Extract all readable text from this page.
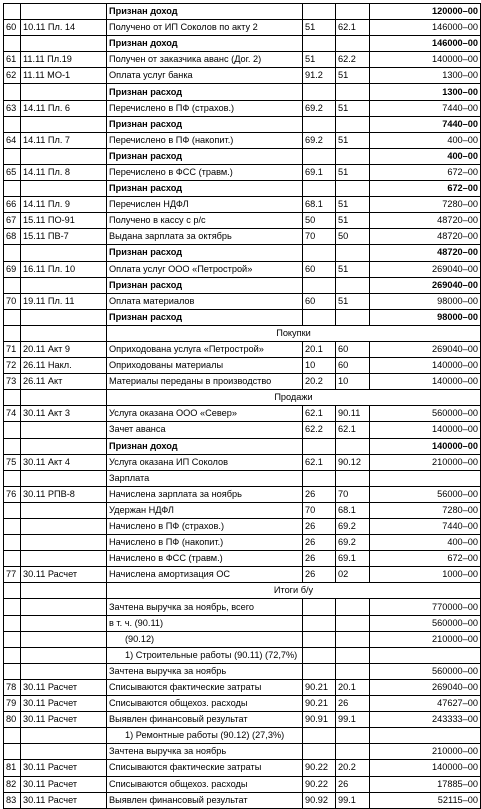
		Признан доход			120000–00
60	10.11 Пл. 14	Получено от ИП Соколов по акту 2	51	62.1	146000–00
		Признан доход			146000–00
61	11.11 Пл.19	Получен от заказчика аванс (Дог. 2)	51	62.2	140000–00
62	11.11 МО-1	Оплата услуг банка	91.2	51	1300–00
		Признан расход			1300–00
63	14.11 Пл. 6	Перечислено в ПФ (страхов.)	69.2	51	7440–00
		Признан расход			7440–00
64	14.11 Пл. 7	Перечислено в ПФ (накопит.)	69.2	51	400–00
		Признан расход			400–00
65	14.11 Пл. 8	Перечислено в ФСС (травм.)	69.1	51	672–00
		Признан расход			672–00
66	14.11 Пл. 9	Перечислен НДФЛ	68.1	51	7280–00
67	15.11 ПО-91	Получено в кассу с р/с	50	51	48720–00
68	15.11 ПВ-7	Выдана зарплата за октябрь	70	50	48720–00
		Признан расход			48720–00
69	16.11 Пл. 10	Оплата услуг ООО «Петрострой»	60	51	269040–00
		Признан расход			269040–00
70	19.11 Пл. 11	Оплата материалов	60	51	98000–00
		Признан расход			98000–00
		Покупки			
71	20.11 Акт 9	Оприходована услуга «Петрострой»	20.1	60	269040–00
72	26.11 Накл.	Оприходованы материалы	10	60	140000–00
73	26.11 Акт	Материалы переданы в производство	20.2	10	140000–00
		Продажи			
74	30.11 Акт 3	Услуга оказана ООО «Север»	62.1	90.11	560000–00
		Зачет аванса	62.2	62.1	140000–00
		Признан доход			140000–00
75	30.11 Акт 4	Услуга оказана ИП Соколов	62.1	90.12	210000–00
		Зарплата			
76	30.11 РПВ-8	Начислена зарплата за ноябрь	26	70	56000–00
		Удержан НДФЛ	70	68.1	7280–00
		Начислено в ПФ (страхов.)	26	69.2	7440–00
		Начислено в ПФ (накопит.)	26	69.2	400–00
		Начислено в ФСС (травм.)	26	69.1	672–00
77	30.11 Расчет	Начислена амортизация ОС	26	02	1000–00
		Итоги б/у			
		Зачтена выручка за ноябрь, всего			770000–00
		в т. ч. (90.11)			560000–00
		(90.12)			210000–00
		1) Строительные работы (90.11) (72,7%)			
		Зачтена выручка за ноябрь			560000–00
78	30.11 Расчет	Списываются фактические затраты	90.21	20.1	269040–00
79	30.11 Расчет	Списываются общехоз. расходы	90.21	26	47627–00
80	30.11 Расчет	Выявлен финансовый результат	90.91	99.1	243333–00
		1) Ремонтные работы (90.12) (27,3%)			
		Зачтена выручка за ноябрь			210000–00
81	30.11 Расчет	Списываются фактические затраты	90.22	20.2	140000–00
82	30.11 Расчет	Списываются общехоз. расходы	90.22	26	17885–00
83	30.11 Расчет	Выявлен финансовый результат	90.92	99.1	52115–00
